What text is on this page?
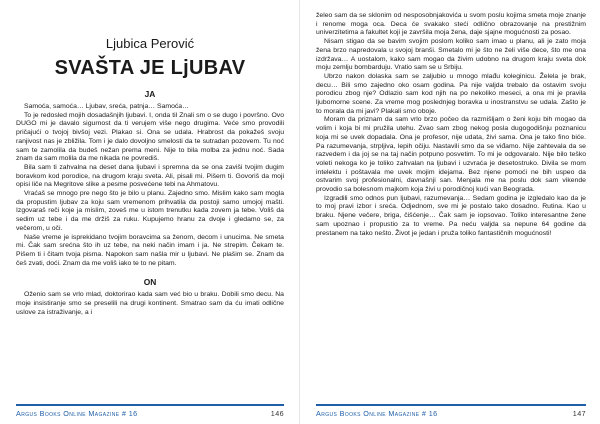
Ljubica Perović
SVAŠTA JE LjUBAV
JA

Samoća, samoća… Ljubav, sreća, patnja… Samoća…

To je redosled mojih dosadašnjih ljubavi. I, onda til Znali sm o se dugo i površno. Ovo DUGO mi je davalo sigurnost da ti verujem više nego drugima. Veće smo provodili pričajući o tvojoj bivšoj vezi. Plakao si. Ona se udala. Hrabrost da pokažeš svoju ranjivost nas je zbližila. Tom i je dalo dovoljno smelosti da te sutradan pozovem. Tu noć sam te zamolila da budeš nežan prema meni. Nije to bila molba za jednu noć. Sada znam da sam molila da me nikada ne povrediš.

Bila sam ti zahvalna na deset dana ljubavi i spremna da se ona zaviši tvojim dugim boravkom kod porodice, na drugom kraju sveta. Ali, pisali mi. Pišem ti. Govoriš da moji opisi liče na Megritove slike a pesme posvećene tebi na Ahmatovu.

Vraćaš se mnogo pre nego što je bilo u planu. Zajedno smo. Mislim kako sam mogla da propustim ljubav za koju sam vremenom prihvatila da postoji samo umojoj mašti. Izgovaraš reči koje ja mislim, zoveš me u istom trenutku kada zovem ja tebe. Voliš da sedim uz tebe i da me držiš za ruku. Kupujemo hranu za dvoje i gledamo se, za večerom, u oči.

Naše vreme je isprekidano tvojim boravcima sa ženom, decom i unucima. Ne smeta mi. Čak sam srećna što ih uz tebe, na neki način imam i ja. Ne strepim. Čekam te. Pišem ti i čitam tvoja pisma. Napokon sam našla mir u ljubavi. Ne plašim se. Znam da češ zvati, doći. Znam da me voliš iako te to ne pitam.

ON

Oženio sam se vrlo mlad, doktorirao kada sam već bio u braku. Dobili smo decu. Na moje insistiranje smo se preselili na drugi kontinent. Smatrao sam da ću imati odlične uslove za istraživanje, a i

Argus Books Online Magazine # 16	146

želeo sam da se sklonim od nesposobnjakovića u svom poslu kojima smeta moje znanje i renome moga oca. Deca će svakako steći odlično obrazovanje na prestižnim univerzitetima a fakultet koji je završila moja žena, daje sjajne mogućnosti za posao.

Nisam stigao da se bavim svojim poslom koliko sam imao u planu, ali je zato moja žena brzo napredovala u svojoj branši. Smetalo mi je što ne želi više dece, što me ona izdržava… A uostalom, kako sam mogao da živim udobno na drugom kraju sveta dok moju zemlju bombarduju. Vratio sam se u Srbiju.

Ubrzo nakon dolaska sam se zaljubio u mnogo mlađu koleginicu. Želela je brak, decu… Bili smo zajedno oko osam godina. Pa nije valjda trebalo da ostavim svoju porodicu zbog nje? Odlazio sam kod njih na po nekoliko meseci, a ona mi je pravila ljubomorne scene. Za vreme mog poslednjeg boravka u inostranstvu se udala. Zašto je to morala da mi javi? Plakali smo oboje.

Moram da priznam da sam vrlo brzo počeo da razmišljam o ženi koju bih mogao da volim i koja bi mi pružila utehu. Zvao sam zbog nekog posla dugogodišnju poznanicu koja mi se uvek dopadala. Ona je profesor, nije udata, živi sama. Ona je tako fino biće. Pa razumevanja, strpljiva, lepih očiju. Nastavili smo da se viđamo. Nije zahtevala da se razvedem i da joj se na taj način potpuno posvetim. To mi je odgovaralo. Nije bilo teško voleti nekoga ko je toliko zahvalan na ljubavi i uzvraća je desetostruko. Divila se mom intelektu i poštavala me uvek mojim idejama. Bez njene pomoći ne bih uspeo da ostvarim svoj profesionalni, davnašnji san. Menjala me na poslu dok sam vikende provodio sa bolesnom majkom koja živi u porodičnoj kući van Beograda.

Izgradili smo odnos pun ljubavi, razumevanja… Sedam godina je izgledalo kao da je to moj pravi izbor i sreća. Odjednom, sve mi je postalo tako dosadno. Rutina. Kao u braku. Njene večere, briga, čišćenje… Čak sam je iopsovao. Toliko interesantne žene sam upoznao i propustio za to vreme. Pa neću valjda sa nepune 64 godine da prestanem na tako nešto. Život je jedan i pruža toliko fantastičnih mogućnosti!

Argus Books Online Magazine # 16	147
